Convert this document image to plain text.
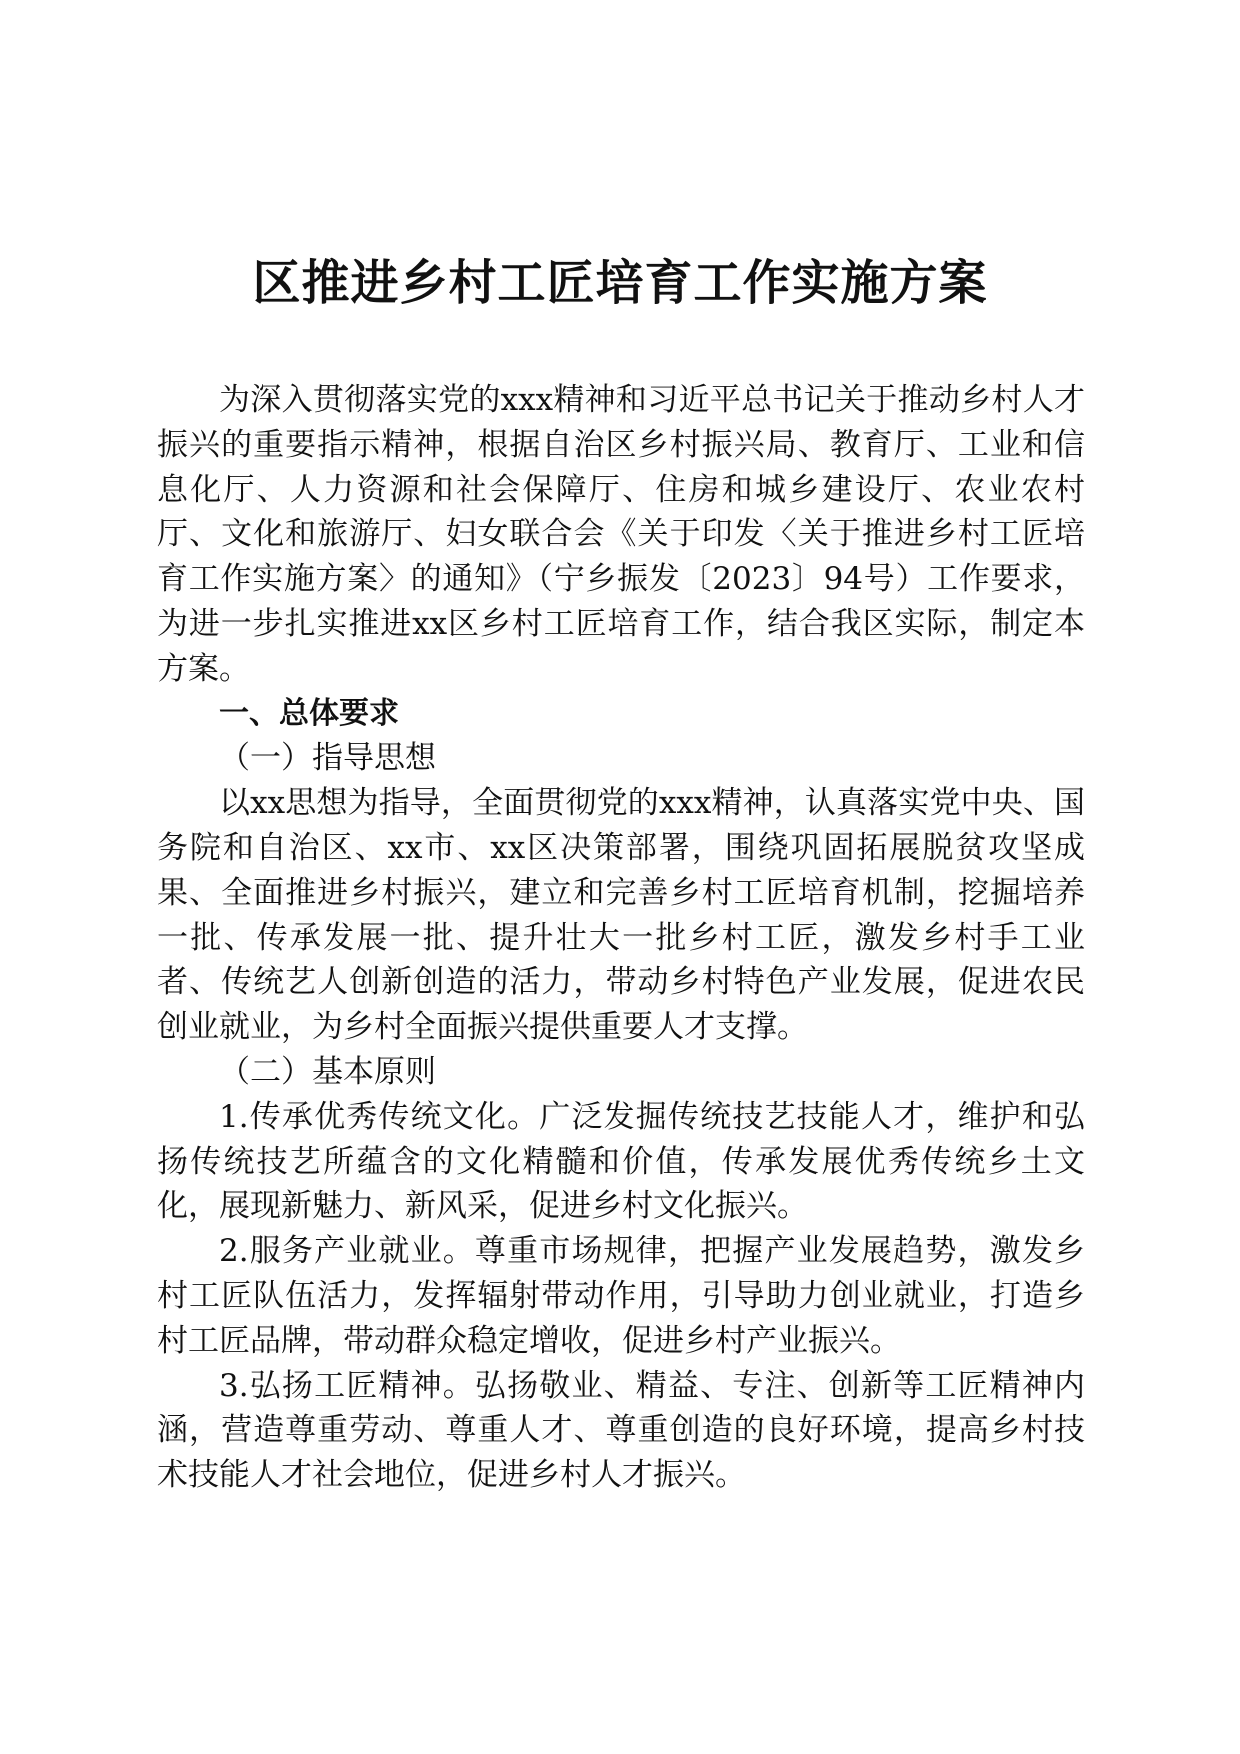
区推进乡村工匠培育工作实施方案

为深入贯彻落实党的xxx精神和习近平总书记关于推动乡村人才振兴的重要指示精神，根据自治区乡村振兴局、教育厅、工业和信息化厅、人力资源和社会保障厅、住房和城乡建设厅、农业农村厅、文化和旅游厅、妇女联合会《关于印发〈关于推进乡村工匠培育工作实施方案〉的通知》（宁乡振发〔2023〕94号）工作要求，为进一步扎实推进xx区乡村工匠培育工作，结合我区实际，制定本方案。

一、总体要求

（一）指导思想

以xx思想为指导，全面贯彻党的xxx精神，认真落实党中央、国务院和自治区、xx市、xx区决策部署，围绕巩固拓展脱贫攻坚成果、全面推进乡村振兴，建立和完善乡村工匠培育机制，挖掘培养一批、传承发展一批、提升壮大一批乡村工匠，激发乡村手工业者、传统艺人创新创造的活力，带动乡村特色产业发展，促进农民创业就业，为乡村全面振兴提供重要人才支撑。

（二）基本原则

1.传承优秀传统文化。广泛发掘传统技艺技能人才，维护和弘扬传统技艺所蕴含的文化精髓和价值，传承发展优秀传统乡土文化，展现新魅力、新风采，促进乡村文化振兴。

2.服务产业就业。尊重市场规律，把握产业发展趋势，激发乡村工匠队伍活力，发挥辐射带动作用，引导助力创业就业，打造乡村工匠品牌，带动群众稳定增收，促进乡村产业振兴。

3.弘扬工匠精神。弘扬敬业、精益、专注、创新等工匠精神内涵，营造尊重劳动、尊重人才、尊重创造的良好环境，提高乡村技术技能人才社会地位，促进乡村人才振兴。
